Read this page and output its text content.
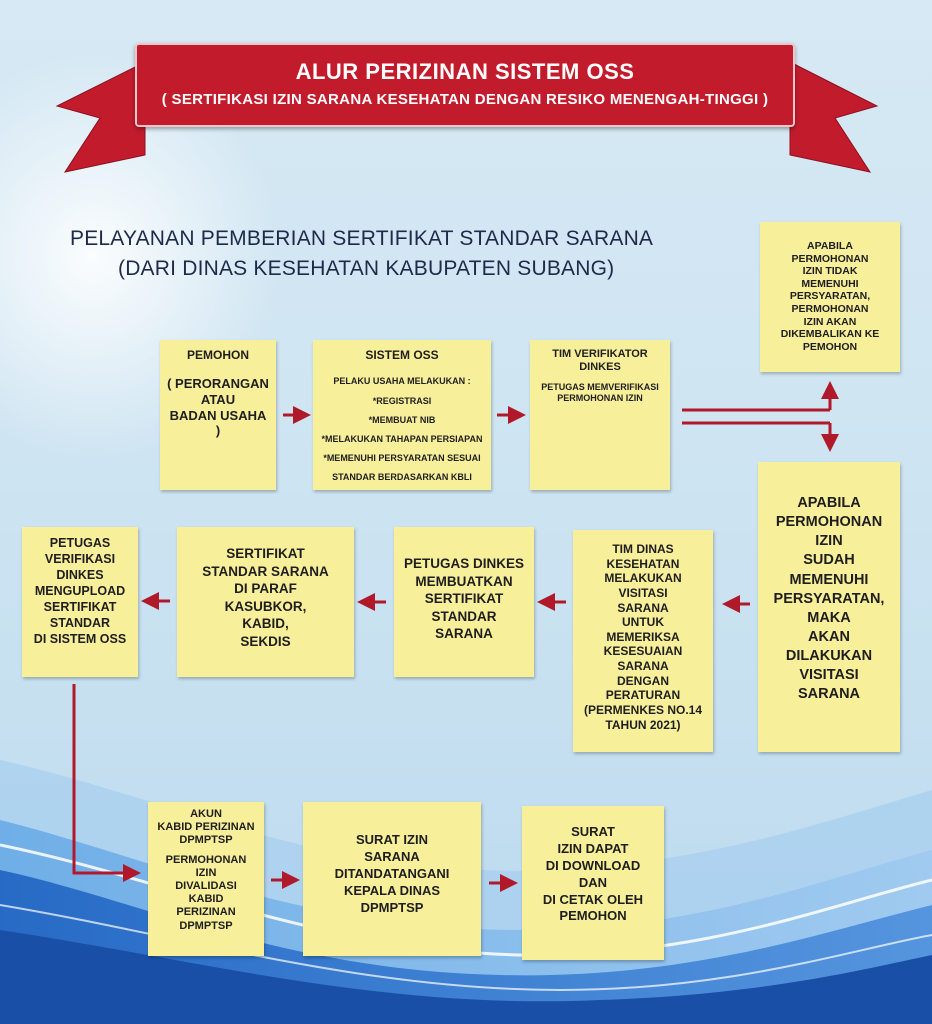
ALUR PERIZINAN SISTEM OSS
( SERTIFIKASI IZIN SARANA KESEHATAN DENGAN RESIKO MENENGAH-TINGGI )
PELAYANAN PEMBERIAN SERTIFIKAT STANDAR SARANA
(DARI DINAS KESEHATAN KABUPATEN SUBANG)
PEMOHON
( PERORANGAN
ATAU
BADAN USAHA )
SISTEM OSS
PELAKU USAHA MELAKUKAN :
*REGISTRASI
*MEMBUAT NIB
*MELAKUKAN TAHAPAN PERSIAPAN
*MEMENUHI PERSYARATAN SESUAI
STANDAR BERDASARKAN KBLI
TIM VERIFIKATOR DINKES
PETUGAS MEMVERIFIKASI
PERMOHONAN IZIN
APABILA
PERMOHONAN
IZIN TIDAK
MEMENUHI
PERSYARATAN,
PERMOHONAN
IZIN AKAN
DIKEMBALIKAN KE
PEMOHON
APABILA
PERMOHONAN
IZIN
SUDAH
MEMENUHI
PERSYARATAN,
MAKA
AKAN
DILAKUKAN
VISITASI
SARANA
TIM DINAS
KESEHATAN
MELAKUKAN
VISITASI
SARANA
UNTUK
MEMERIKSA
KESESUAIAN
SARANA
DENGAN
PERATURAN
(PERMENKES NO.14
TAHUN 2021)
PETUGAS DINKES
MEMBUATKAN
SERTIFIKAT
STANDAR
SARANA
SERTIFIKAT
STANDAR SARANA
DI PARAF
KASUBKOR,
KABID,
SEKDIS
PETUGAS
VERIFIKASI
DINKES
MENGUPLOAD
SERTIFIKAT
STANDAR
DI SISTEM OSS
AKUN
KABID PERIZINAN
DPMPTSP
PERMOHONAN
IZIN
DIVALIDASI
KABID
PERIZINAN
DPMPTSP
SURAT IZIN
SARANA
DITANDATANGANI
KEPALA DINAS
DPMPTSP
SURAT
IZIN DAPAT
DI DOWNLOAD
DAN
DI CETAK OLEH
PEMOHON
